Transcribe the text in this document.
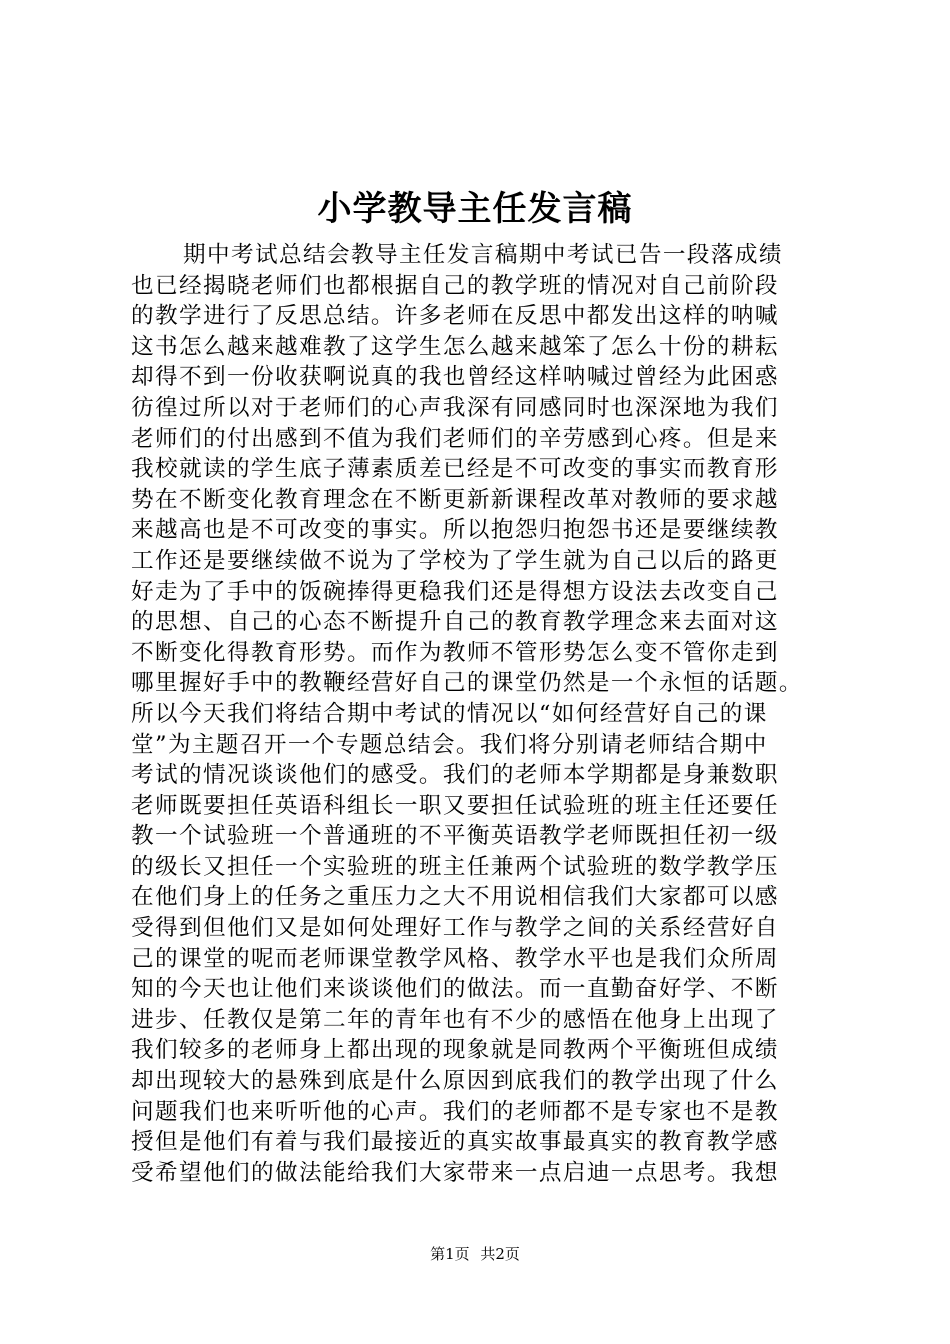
小学教导主任发言稿
期中考试总结会教导主任发言稿期中考试已告一段落成绩
也已经揭晓老师们也都根据自己的教学班的情况对自己前阶段
的教学进行了反思总结。许多老师在反思中都发出这样的呐喊
这书怎么越来越难教了这学生怎么越来越笨了怎么十份的耕耘
却得不到一份收获啊说真的我也曾经这样呐喊过曾经为此困惑
彷徨过所以对于老师们的心声我深有同感同时也深深地为我们
老师们的付出感到不值为我们老师们的辛劳感到心疼。但是来
我校就读的学生底子薄素质差已经是不可改变的事实而教育形
势在不断变化教育理念在不断更新新课程改革对教师的要求越
来越高也是不可改变的事实。所以抱怨归抱怨书还是要继续教
工作还是要继续做不说为了学校为了学生就为自己以后的路更
好走为了手中的饭碗捧得更稳我们还是得想方设法去改变自己
的思想、自己的心态不断提升自己的教育教学理念来去面对这
不断变化得教育形势。而作为教师不管形势怎么变不管你走到
哪里握好手中的教鞭经营好自己的课堂仍然是一个永恒的话题。
所以今天我们将结合期中考试的情况以“如何经营好自己的课
堂”为主题召开一个专题总结会。我们将分别请老师结合期中
考试的情况谈谈他们的感受。我们的老师本学期都是身兼数职
老师既要担任英语科组长一职又要担任试验班的班主任还要任
教一个试验班一个普通班的不平衡英语教学老师既担任初一级
的级长又担任一个实验班的班主任兼两个试验班的数学教学压
在他们身上的任务之重压力之大不用说相信我们大家都可以感
受得到但他们又是如何处理好工作与教学之间的关系经营好自
己的课堂的呢而老师课堂教学风格、教学水平也是我们众所周
知的今天也让他们来谈谈他们的做法。而一直勤奋好学、不断
进步、任教仅是第二年的青年也有不少的感悟在他身上出现了
我们较多的老师身上都出现的现象就是同教两个平衡班但成绩
却出现较大的悬殊到底是什么原因到底我们的教学出现了什么
问题我们也来听听他的心声。我们的老师都不是专家也不是教
授但是他们有着与我们最接近的真实故事最真实的教育教学感
受希望他们的做法能给我们大家带来一点启迪一点思考。我想
第1页 共2页
